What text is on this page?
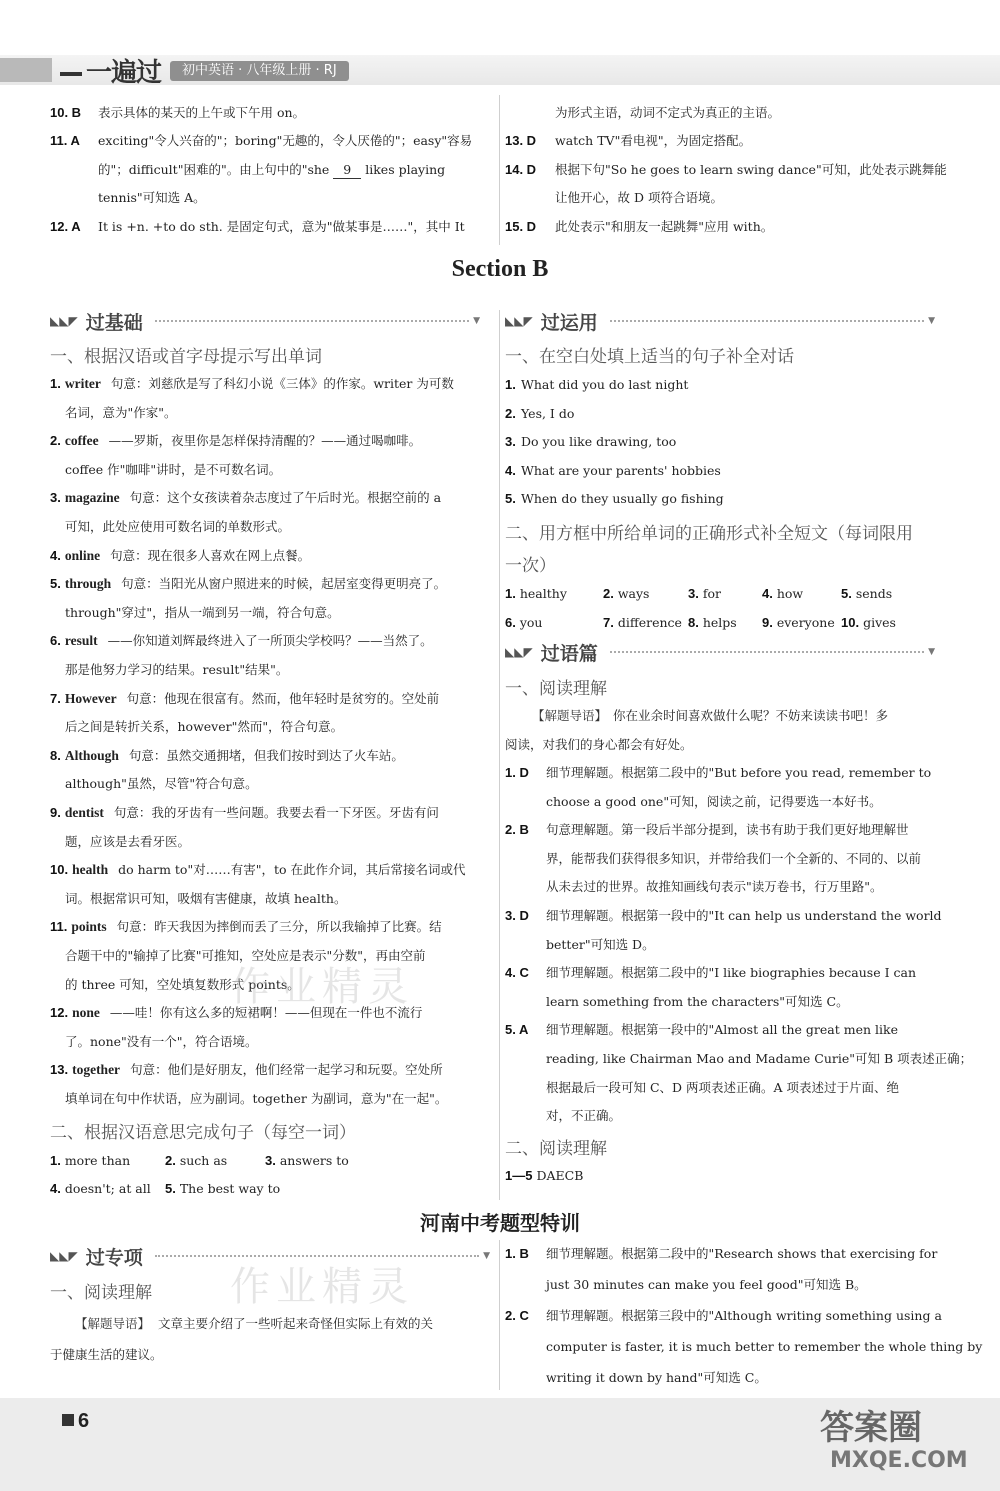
一遍过	初中英语 · 八年级上册 · RJ
10. B 表示具体的某天的上午或下午用 on。
11. A exciting"令人兴奋的"；boring"无趣的，令人厌倦的"；easy"容易
的"；difficult"困难的"。由上句中的"she 9 likes playing
tennis"可知选 A。
12. A It is +n. +to do sth. 是固定句式，意为"做某事是……"，其中 It
为形式主语，动词不定式为真正的主语。
13. D watch TV"看电视"，为固定搭配。
14. D 根据下句"So he goes to learn swing dance"可知，此处表示跳舞能
让他开心，故 D 项符合语境。
15. D 此处表示"和朋友一起跳舞"应用 with。
Section B
◣◣◤ 过基础	▼
一、根据汉语或首字母提示写出单词
1. writer 句意：刘慈欣是写了科幻小说《三体》的作家。writer 为可数
名词，意为"作家"。
2. coffee ——罗斯，夜里你是怎样保持清醒的？——通过喝咖啡。
coffee 作"咖啡"讲时，是不可数名词。
3. magazine 句意：这个女孩读着杂志度过了午后时光。根据空前的 a
可知，此处应使用可数名词的单数形式。
4. online 句意：现在很多人喜欢在网上点餐。
5. through 句意：当阳光从窗户照进来的时候，起居室变得更明亮了。
through"穿过"，指从一端到另一端，符合句意。
6. result ——你知道刘辉最终进入了一所顶尖学校吗？——当然了。
那是他努力学习的结果。result"结果"。
7. However 句意：他现在很富有。然而，他年轻时是贫穷的。空处前
后之间是转折关系，however"然而"，符合句意。
8. Although 句意：虽然交通拥堵，但我们按时到达了火车站。
although"虽然，尽管"符合句意。
9. dentist 句意：我的牙齿有一些问题。我要去看一下牙医。牙齿有问
题，应该是去看牙医。
10. health do harm to"对……有害"，to 在此作介词，其后常接名词或代
词。根据常识可知，吸烟有害健康，故填 health。
11. points 句意：昨天我因为摔倒而丢了三分，所以我输掉了比赛。结
合题干中的"输掉了比赛"可推知，空处应是表示"分数"，再由空前
的 three 可知，空处填复数形式 points。
12. none ——哇！你有这么多的短裙啊！——但现在一件也不流行
了。none"没有一个"，符合语境。
13. together 句意：他们是好朋友，他们经常一起学习和玩耍。空处所
填单词在句中作状语，应为副词。together 为副词，意为"在一起"。
二、根据汉语意思完成句子（每空一词）
1. more than	2. such as	3. answers to
4. doesn't; at all 5. The best way to
◣◣◤ 过运用	▼
一、在空白处填上适当的句子补全对话
1. What did you do last night
2. Yes, I do
3. Do you like drawing, too
4. What are your parents' hobbies
5. When do they usually go fishing
二、用方框中所给单词的正确形式补全短文（每词限用
一次）
1. healthy	2. ways	3. for	4. how	5. sends
6. you	7. difference 8. helps 9. everyone 10. gives
◣◣◤ 过语篇	▼
一、阅读理解
【解题导语】 你在业余时间喜欢做什么呢？不妨来读读书吧！多
阅读，对我们的身心都会有好处。
1. D 细节理解题。根据第二段中的"But before you read, remember to
choose a good one"可知，阅读之前，记得要选一本好书。
2. B 句意理解题。第一段后半部分提到，读书有助于我们更好地理解世
界，能帮我们获得很多知识，并带给我们一个全新的、不同的、以前
从未去过的世界。故推知画线句表示"读万卷书，行万里路"。
3. D 细节理解题。根据第一段中的"It can help us understand the world
better"可知选 D。
4. C 细节理解题。根据第二段中的"I like biographies because I can
learn something from the characters"可知选 C。
5. A 细节理解题。根据第一段中的"Almost all the great men like
reading, like Chairman Mao and Madame Curie"可知 B 项表述正确；
根据最后一段可知 C、D 两项表述正确。A 项表述过于片面、绝
对，不正确。
二、阅读理解
1—5 DAECB
河南中考题型特训
◣◣◤ 过专项	▼
一、阅读理解
【解题导语】 文章主要介绍了一些听起来奇怪但实际上有效的关
于健康生活的建议。
1. B 细节理解题。根据第二段中的"Research shows that exercising for
just 30 minutes can make you feel good"可知选 B。
2. C 细节理解题。根据第三段中的"Although writing something using a
computer is faster, it is much better to remember the whole thing by
writing it down by hand"可知选 C。
作业精灵
作业精灵
6	答案圈
MXQE.COM
